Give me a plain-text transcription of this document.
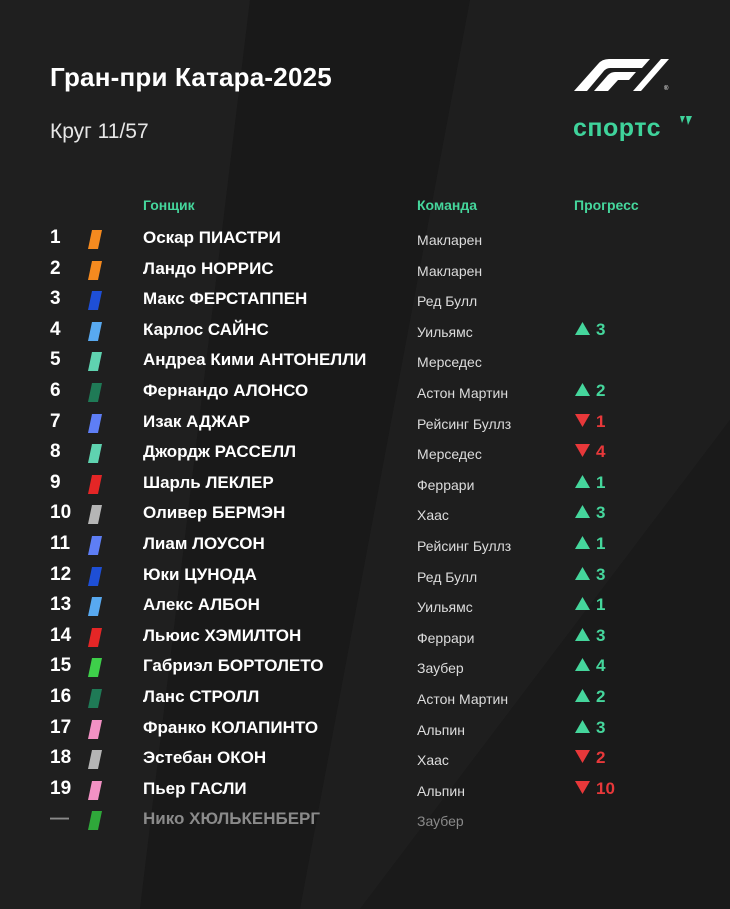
Гран-при Катара-2025
Круг 11/57
®
спортс
Гонщик	Команда	Прогресс
1	Оскар ПИАСТРИ	Макларен
2	Ландо НОРРИС	Макларен
3	Макс ФЕРСТАППЕН	Ред Булл
4	Карлос САЙНС	Уильямс	3
5	Андреа Кими АНТОНЕЛЛИ	Мерседес
6	Фернандо АЛОНСО	Астон Мартин	2
7	Изак АДЖАР	Рейсинг Буллз	1
8	Джордж РАССЕЛЛ	Мерседес	4
9	Шарль ЛЕКЛЕР	Феррари	1
10	Оливер БЕРМЭН	Хаас	3
11	Лиам ЛОУСОН	Рейсинг Буллз	1
12	Юки ЦУНОДА	Ред Булл	3
13	Алекс АЛБОН	Уильямс	1
14	Льюис ХЭМИЛТОН	Феррари	3
15	Габриэл БОРТОЛЕТО	Заубер	4
16	Ланс СТРОЛЛ	Астон Мартин	2
17	Франко КОЛАПИНТО	Альпин	3
18	Эстебан ОКОН	Хаас	2
19	Пьер ГАСЛИ	Альпин	10
—	Нико ХЮЛЬКЕНБЕРГ	Заубер
